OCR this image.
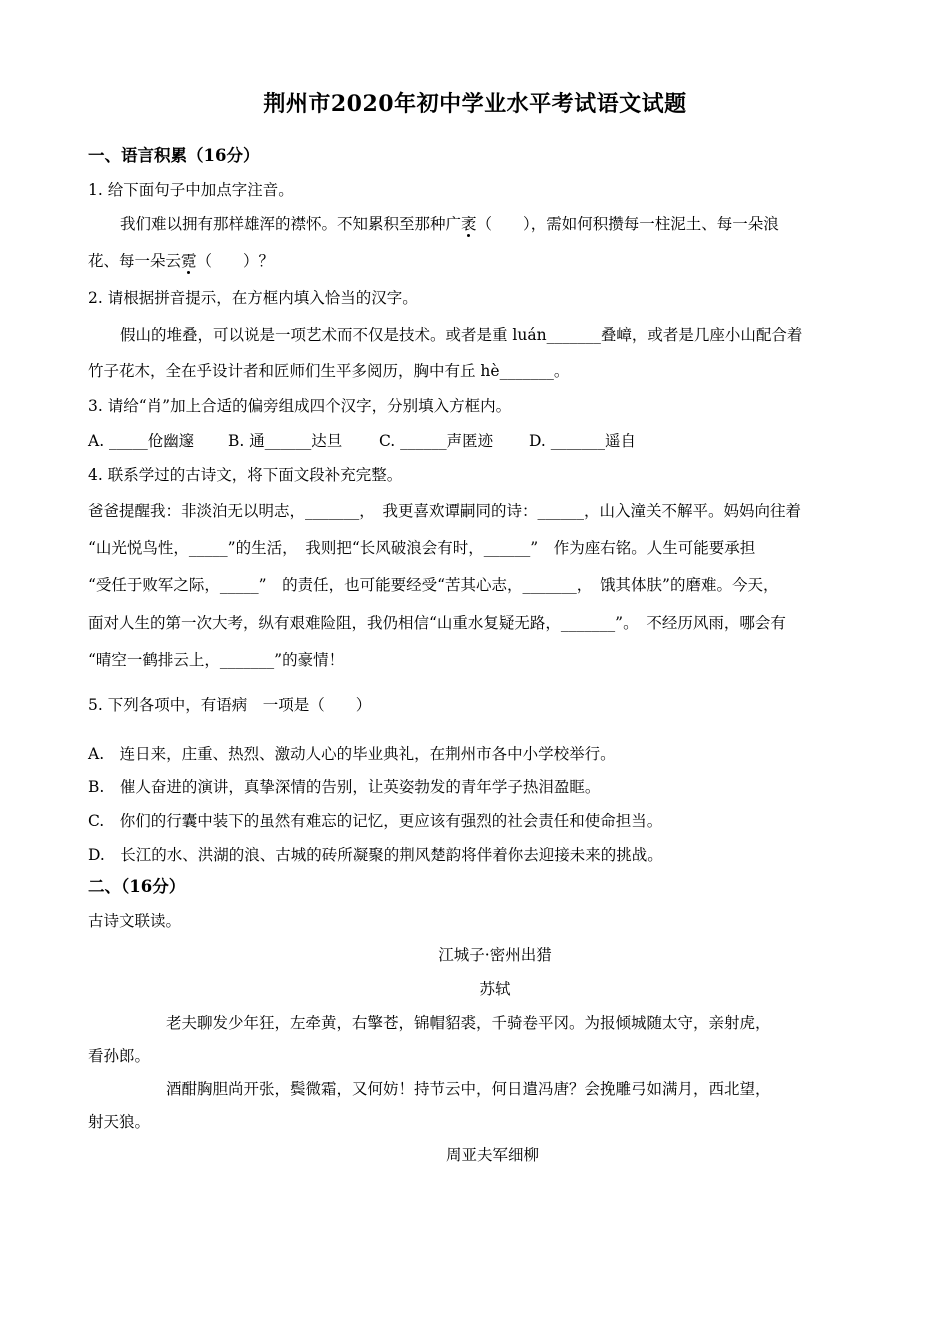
荆州市2020年初中学业水平考试语文试题
一、语言积累（16分）
1. 给下面句子中加点字注音。
我们难以拥有那样雄浑的襟怀。不知累积至那种广袤（　　），需如何积攒每一柱泥土、每一朵浪
花、每一朵云霓（　　）？
2. 请根据拼音提示，在方框内填入恰当的汉字。
假山的堆叠，可以说是一项艺术而不仅是技术。或者是重 luán_______叠嶂，或者是几座小山配合着
竹子花木，全在乎设计者和匠师们生平多阅历，胸中有丘 hè_______。
3. 请给“肖”加上合适的偏旁组成四个汉字，分别填入方框内。
A. _____伧幽邃 B. 通______达旦 C. ______声匿迹 D. _______遥自
4. 联系学过的古诗文，将下面文段补充完整。
爸爸提醒我：非淡泊无以明志，_______，　我更喜欢谭嗣同的诗：______，山入潼关不解平。妈妈向往着
“山光悦鸟性，_____”的生活，　我则把“长风破浪会有时，______”　作为座右铭。人生可能要承担
“受任于败军之际，_____”　的责任，也可能要经受“苦其心志，_______，　饿其体肤”的磨难。今天，
面对人生的第一次大考，纵有艰难险阻，我仍相信“山重水复疑无路，_______”。　不经历风雨，哪会有
“晴空一鹤排云上，_______”的豪情！
5. 下列各项中，有语病　一项是（　　）
A.　连日来，庄重、热烈、激动人心的毕业典礼，在荆州市各中小学校举行。
B.　催人奋进的演讲，真挚深情的告别，让英姿勃发的青年学子热泪盈眶。
C.　你们的行囊中装下的虽然有难忘的记忆，更应该有强烈的社会责任和使命担当。
D.　长江的水、洪湖的浪、古城的砖所凝聚的荆风楚韵将伴着你去迎接未来的挑战。
二、（16分）
古诗文联读。
江城子·密州出猎
苏轼
老夫聊发少年狂，左牵黄，右擎苍，锦帽貂裘，千骑卷平冈。为报倾城随太守，亲射虎，
看孙郎。
酒酣胸胆尚开张，鬓微霜，又何妨！持节云中，何日遣冯唐？会挽雕弓如满月，西北望，
射天狼。
周亚夫军细柳
